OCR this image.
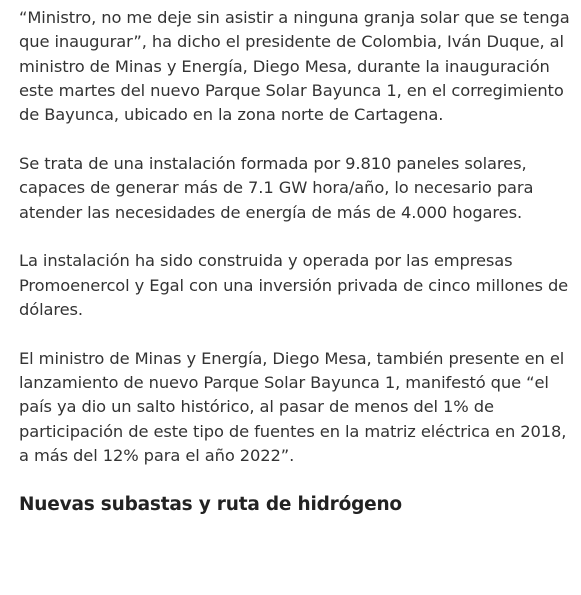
“Ministro, no me deje sin asistir a ninguna granja solar que se tenga que inaugurar”, ha dicho el presidente de Colombia, Iván Duque, al ministro de Minas y Energía, Diego Mesa, durante la inauguración este martes del nuevo Parque Solar Bayunca 1, en el corregimiento de Bayunca, ubicado en la zona norte de Cartagena.

Se trata de una instalación formada por 9.810 paneles solares, capaces de generar más de 7.1 GW hora/año, lo necesario para atender las necesidades de energía de más de 4.000 hogares.

La instalación ha sido construida y operada por las empresas Promoenercol y Egal con una inversión privada de cinco millones de dólares.

El ministro de Minas y Energía, Diego Mesa, también presente en el lanzamiento de nuevo Parque Solar Bayunca 1, manifestó que “el país ya dio un salto histórico, al pasar de menos del 1% de participación de este tipo de fuentes en la matriz eléctrica en 2018, a más del 12% para el año 2022”.

Nuevas subastas y ruta de hidrógeno
